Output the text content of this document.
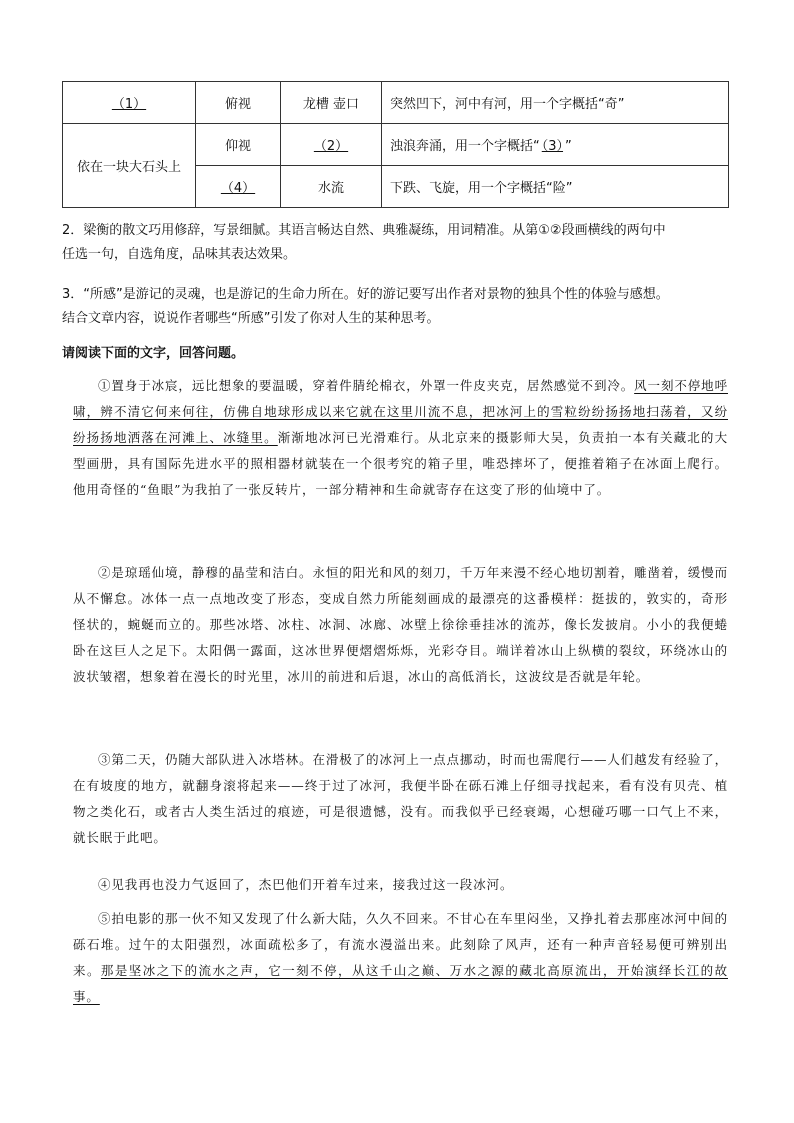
（1）	俯视	龙槽 壶口	突然凹下，河中有河，用一个字概括“奇”
依在一块大石头上	仰视	（2）	浊浪奔涌，用一个字概括“ （3） ”
	（4）	水流	下跌、飞旋，用一个字概括“险”
2．梁衡的散文巧用修辞，写景细腻。其语言畅达自然、典雅凝练，用词精准。从第①②段画横线的两句中
任选一句，自选角度，品味其表达效果。
3．“所感”是游记的灵魂，也是游记的生命力所在。好的游记要写出作者对景物的独具个性的体验与感想。
结合文章内容，说说作者哪些“所感”引发了你对人生的某种思考。
请阅读下面的文字，回答问题。
①置身于冰宸，远比想象的要温暖，穿着件腈纶棉衣，外罩一件皮夹克，居然感觉不到冷。风一刻不停地呼啸，辨不清它何来何往，仿佛自地球形成以来它就在这里川流不息，把冰河上的雪粒纷纷扬扬地扫荡着，又纷纷扬扬地洒落在河滩上、冰缝里。渐渐地冰河已光滑难行。从北京来的摄影师大吴，负责拍一本有关藏北的大型画册，具有国际先进水平的照相器材就装在一个很考究的箱子里，唯恐摔坏了，便推着箱子在冰面上爬行。他用奇怪的“鱼眼”为我拍了一张反转片，一部分精神和生命就寄存在这变了形的仙境中了。
②是琼瑶仙境，静穆的晶莹和洁白。永恒的阳光和风的刻刀，千万年来漫不经心地切割着，雕凿着，缓慢而从不懈怠。冰体一点一点地改变了形态，变成自然力所能刻画成的最漂亮的这番模样：挺拔的，敦实的，奇形怪状的，蜿蜒而立的。那些冰塔、冰柱、冰洞、冰廊、冰壁上徐徐垂挂冰的流苏，像长发披肩。小小的我便蜷卧在这巨人之足下。太阳偶一露面，这冰世界便熠熠烁烁，光彩夺目。端详着冰山上纵横的裂纹，环绕冰山的波状皱褶，想象着在漫长的时光里，冰川的前进和后退，冰山的高低消长，这波纹是否就是年轮。
③第二天，仍随大部队进入冰塔林。在滑极了的冰河上一点点挪动，时而也需爬行——人们越发有经验了，在有坡度的地方，就翻身滚将起来——终于过了冰河，我便半卧在砾石滩上仔细寻找起来，看有没有贝壳、植物之类化石，或者古人类生活过的痕迹，可是很遗憾，没有。而我似乎已经衰竭，心想碰巧哪一口气上不来，就长眠于此吧。
④见我再也没力气返回了，杰巴他们开着车过来，接我过这一段冰河。
⑤拍电影的那一伙不知又发现了什么新大陆，久久不回来。不甘心在车里闷坐，又挣扎着去那座冰河中间的砾石堆。过午的太阳强烈，冰面疏松多了，有流水漫溢出来。此刻除了风声，还有一种声音轻易便可辨别出来。那是坚冰之下的流水之声，它一刻不停，从这千山之巅、万水之源的藏北高原流出，开始演绎长江的故事。
